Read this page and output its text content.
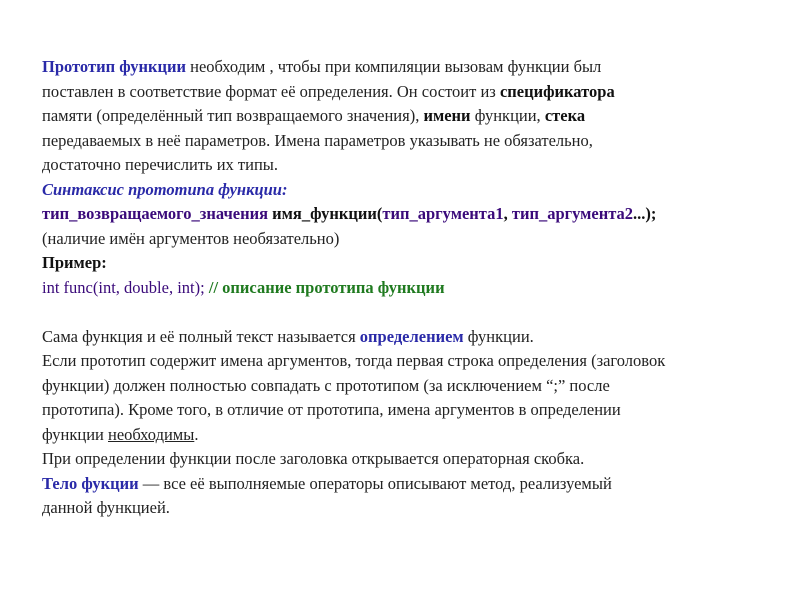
Прототип функции необходим , чтобы при компиляции вызовам функции был
поставлен в соответствие формат её определения. Он состоит из спецификатора
памяти (определённый тип возвращаемого значения), имени функции, стека
передаваемых в неё параметров. Имена параметров указывать не обязательно,
достаточно перечислить их типы.
Синтаксис прототипа функции:
тип_возвращаемого_значения имя_функции(тип_аргумента1, тип_аргумента2...);
(наличие имён аргументов необязательно)
Пример:
int func(int, double, int); // описание прототипа функции
Сама функция и её полный текст называется определением функции.
Если прототип содержит имена аргументов, тогда первая строка определения (заголовок
функции) должен полностью совпадать с прототипом (за исключением “;” после
прототипа). Кроме того, в отличие от прототипа, имена аргументов в определении
функции необходимы.
При определении функции после заголовка открывается операторная скобка.
Тело фукции — все её выполняемые операторы описывают метод, реализуемый
данной функцией.
